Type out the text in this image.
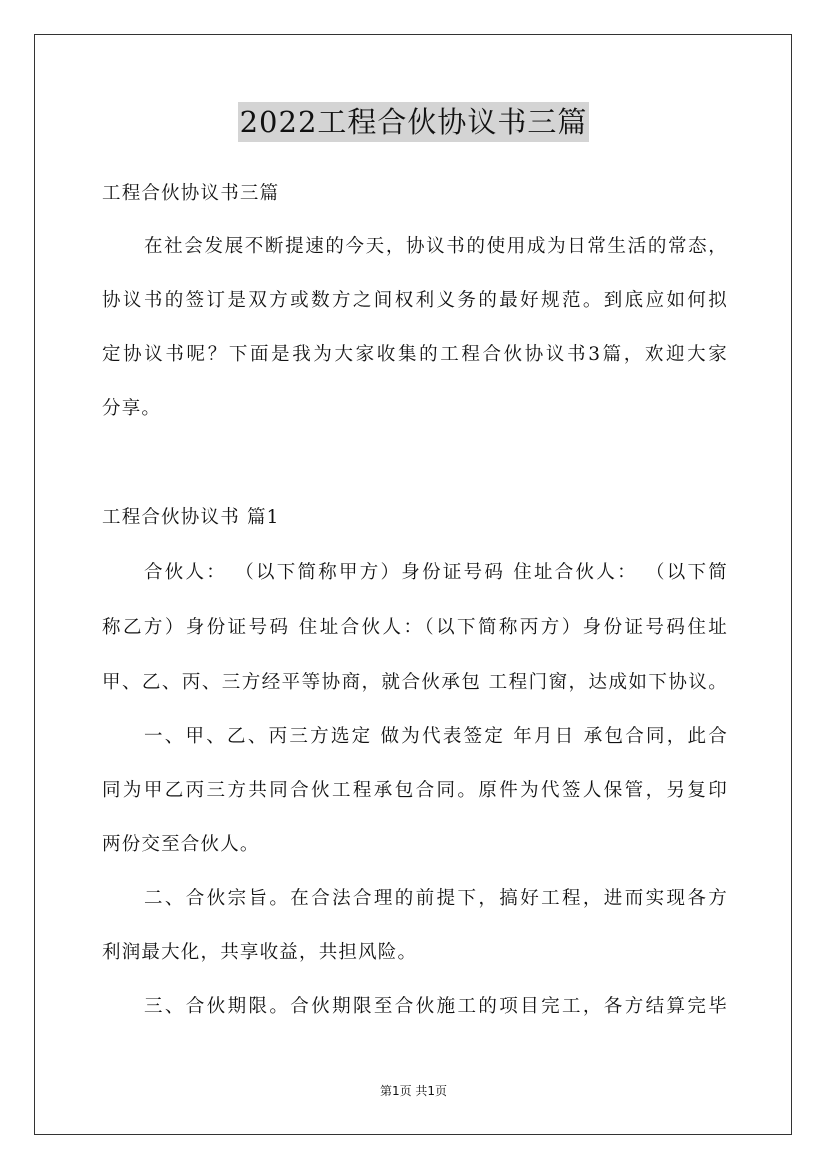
2022工程合伙协议书三篇
工程合伙协议书三篇
在社会发展不断提速的今天，协议书的使用成为日常生活的常态，
协议书的签订是双方或数方之间权利义务的最好规范。到底应如何拟
定协议书呢？下面是我为大家收集的工程合伙协议书3篇，欢迎大家
分享。
工程合伙协议书 篇1
合伙人： （以下简称甲方）身份证号码 住址合伙人： （以下简
称乙方）身份证号码 住址合伙人：（以下简称丙方）身份证号码住址
甲、乙、丙、三方经平等协商，就合伙承包 工程门窗，达成如下协议。
一、甲、乙、丙三方选定 做为代表签定 年月日 承包合同，此合
同为甲乙丙三方共同合伙工程承包合同。原件为代签人保管，另复印
两份交至合伙人。
二、合伙宗旨。在合法合理的前提下，搞好工程，进而实现各方
利润最大化，共享收益，共担风险。
三、合伙期限。合伙期限至合伙施工的项目完工，各方结算完毕
第1页 共1页
